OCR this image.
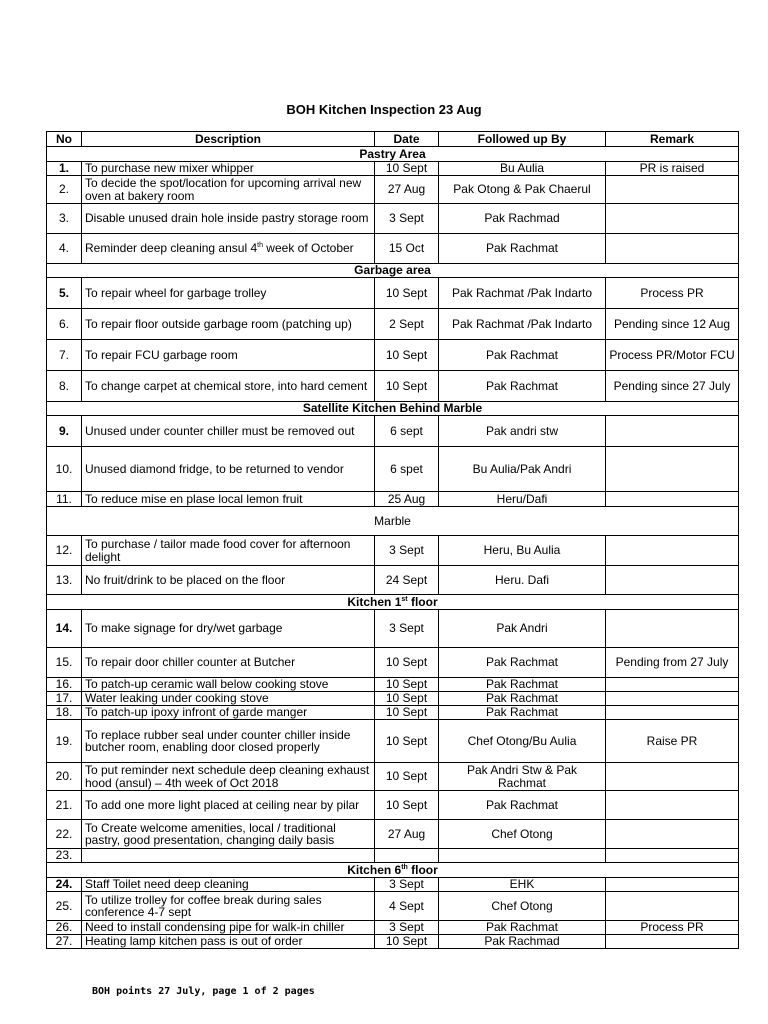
BOH Kitchen Inspection 23 Aug
No	Description	Date	Followed up By	Remark
Pastry Area				
1.	To purchase new mixer whipper	10 Sept	Bu Aulia	PR is raised
2.	To decide the spot/location for upcoming arrival new oven at bakery room	27 Aug	Pak Otong & Pak Chaerul	
3.	Disable unused drain hole inside pastry storage room	3 Sept	Pak Rachmad	
4.	Reminder deep cleaning ansul 4th week of October	15 Oct	Pak Rachmat	
Garbage area				
5.	To repair wheel for garbage trolley	10 Sept	Pak Rachmat /Pak Indarto	Process PR
6.	To repair floor outside garbage room (patching up)	2 Sept	Pak Rachmat /Pak Indarto	Pending since 12 Aug
7.	To repair FCU garbage room	10 Sept	Pak Rachmat	Process PR/Motor FCU
8.	To change carpet at chemical store, into hard cement	10 Sept	Pak Rachmat	Pending since 27 July
Satellite Kitchen Behind Marble				
9.	Unused under counter chiller must be removed out	6 sept	Pak andri stw	
10.	Unused diamond fridge, to be returned to vendor	6 spet	Bu Aulia/Pak Andri	
11.	To reduce mise en plase local lemon fruit	25 Aug	Heru/Dafi	
Marble				
12.	To purchase / tailor made food cover for afternoon delight	3 Sept	Heru, Bu Aulia	
13.	No fruit/drink to be placed on the floor	24 Sept	Heru. Dafi	
Kitchen 1st floor				
14.	To make signage for dry/wet garbage	3 Sept	Pak Andri	
15.	To repair door chiller counter at Butcher	10 Sept	Pak Rachmat	Pending from 27 July
16.	To patch-up ceramic wall below cooking stove	10 Sept	Pak Rachmat	
17.	Water leaking under cooking stove	10 Sept	Pak Rachmat	
18.	To patch-up ipoxy infront of garde manger	10 Sept	Pak Rachmat	
19.	To replace rubber seal under counter chiller inside butcher room, enabling door closed properly	10 Sept	Chef Otong/Bu Aulia	Raise PR
20.	To put reminder next schedule deep cleaning exhaust hood (ansul) – 4th week of Oct 2018	10 Sept	Pak Andri Stw & Pak Rachmat	
21.	To add one more light placed at ceiling near by pilar	10 Sept	Pak Rachmat	
22.	To Create welcome amenities, local / traditional pastry, good presentation, changing daily basis	27 Aug	Chef Otong	
23.				
Kitchen 6th floor				
24.	Staff Toilet need deep cleaning	3 Sept	EHK	
25.	To utilize trolley for coffee break during sales conference 4-7 sept	4 Sept	Chef Otong	
26.	Need to install condensing pipe for walk-in chiller	3 Sept	Pak Rachmat	Process PR
27.	Heating lamp kitchen pass is out of order	10 Sept	Pak Rachmad	
BOH points 27 July, page 1 of 2 pages
